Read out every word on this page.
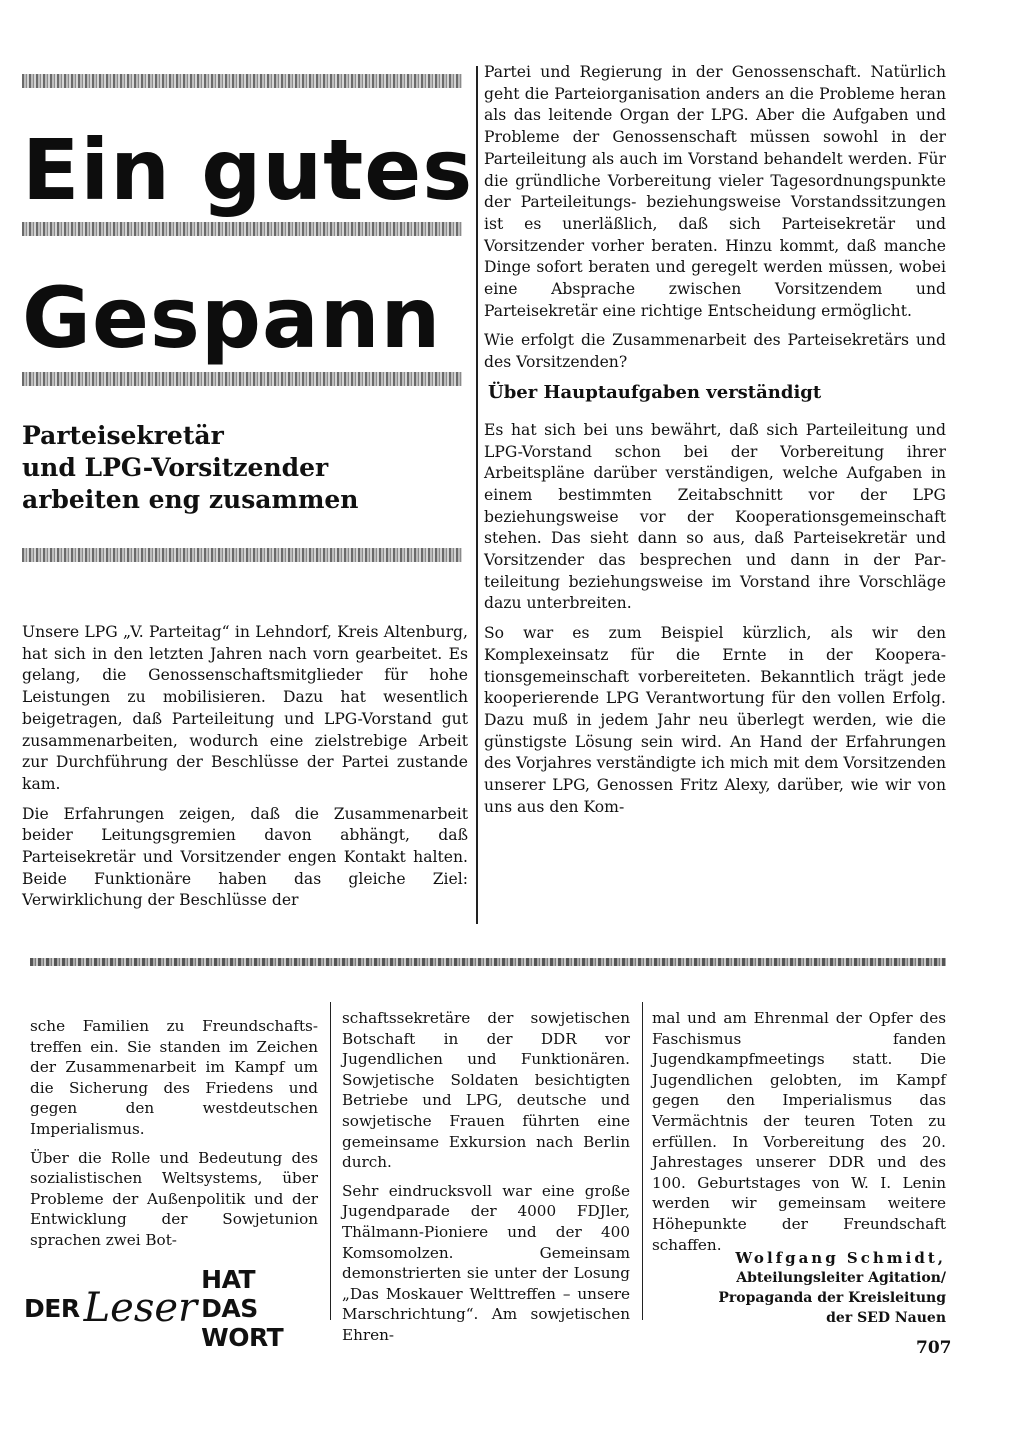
Ein gutes
Gespann
Parteisekretär
und LPG-Vorsitzender
arbeiten eng zusammen

Unsere LPG „V. Parteitag“ in Lehndorf, Kreis Altenburg, hat sich in den letzten Jahren nach vorn gearbeitet. Es gelang, die Genossenschaftsmitglieder für hohe Leistungen zu mobilisieren. Dazu hat wesentlich beigetragen, daß Parteileitung und LPG-Vorstand gut zusammenarbeiten, wodurch eine zielstrebige Arbeit zur Durchführung der Beschlüsse der Partei zustande kam.

Die Erfahrungen zeigen, daß die Zusammenarbeit beider Leitungsgremien davon abhängt, daß Parteisekretär und Vorsitzender engen Kontakt halten. Beide Funktionäre haben das gleiche Ziel: Verwirklichung der Beschlüsse der

Partei und Regierung in der Genossenschaft. Natürlich geht die Parteiorganisation anders an die Probleme heran als das leitende Organ der LPG. Aber die Aufgaben und Probleme der Genossenschaft müssen sowohl in der Parteileitung als auch im Vorstand behandelt werden. Für die gründliche Vorbereitung vieler Tagesordnungspunkte der Parteileitungs- beziehungsweise Vorstandssitzungen ist es unerläßlich, daß sich Parteisekretär und Vorsitzender vorher beraten. Hinzu kommt, daß manche Dinge sofort beraten und geregelt werden müssen, wobei eine Absprache zwischen Vorsitzendem und Parteisekretär eine richtige Entscheidung ermöglicht.

Wie erfolgt die Zusammenarbeit des Parteisekretärs und des Vorsitzenden?

Über Hauptaufgaben verständigt

Es hat sich bei uns bewährt, daß sich Parteileitung und LPG-Vorstand schon bei der Vorbereitung ihrer Arbeitspläne darüber verständigen, welche Aufgaben in einem bestimmten Zeitabschnitt vor der LPG beziehungsweise vor der Kooperationsgemeinschaft stehen. Das sieht dann so aus, daß Parteisekretär und Vorsitzender das besprechen und dann in der Parteileitung beziehungsweise im Vorstand ihre Vorschläge dazu unterbreiten.

So war es zum Beispiel kürzlich, als wir den Komplexeinsatz für die Ernte in der Kooperationsgemeinschaft vorbereiteten. Bekanntlich trägt jede kooperierende LPG Verantwortung für den vollen Erfolg. Dazu muß in jedem Jahr neu überlegt werden, wie die günstigste Lösung sein wird. An Hand der Erfahrungen des Vorjahres verständigte ich mich mit dem Vorsitzenden unserer LPG, Genossen Fritz Alexy, darüber, wie wir von uns aus den Kom-

sche Familien zu Freundschaftstreffen ein. Sie standen im Zeichen der Zusammenarbeit im Kampf um die Sicherung des Friedens und gegen den westdeutschen Imperialismus.

Über die Rolle und Bedeutung des sozialistischen Weltsystems, über Probleme der Außenpolitik und der Entwicklung der Sowjetunion sprachen zwei Bot-

schaftssekretäre der sowjetischen Botschaft in der DDR vor Jugendlichen und Funktionären. Sowjetische Soldaten besichtigten Betriebe und LPG, deutsche und sowjetische Frauen führten eine gemeinsame Exkursion nach Berlin durch.

Sehr eindrucksvoll war eine große Jugendparade der 4000 FDJler, Thälmann-Pioniere und der 400 Komsomolzen. Gemeinsam demonstrierten sie unter der Losung „Das Moskauer Welttreffen – unsere Marschrichtung“. Am sowjetischen Ehren-

mal und am Ehrenmal der Opfer des Faschismus fanden Jugendkampfmeetings statt. Die Jugendlichen gelobten, im Kampf gegen den Imperialismus das Vermächtnis der teuren Toten zu erfüllen. In Vorbereitung des 20. Jahrestages unserer DDR und des 100. Geburtstages von W. I. Lenin werden wir gemeinsam weitere Höhepunkte der Freundschaft schaffen.

DER Leser
HAT DAS WORT
Wolfgang Schmidt,
Abteilungsleiter Agitation/
Propaganda der Kreisleitung
der SED Nauen
707
